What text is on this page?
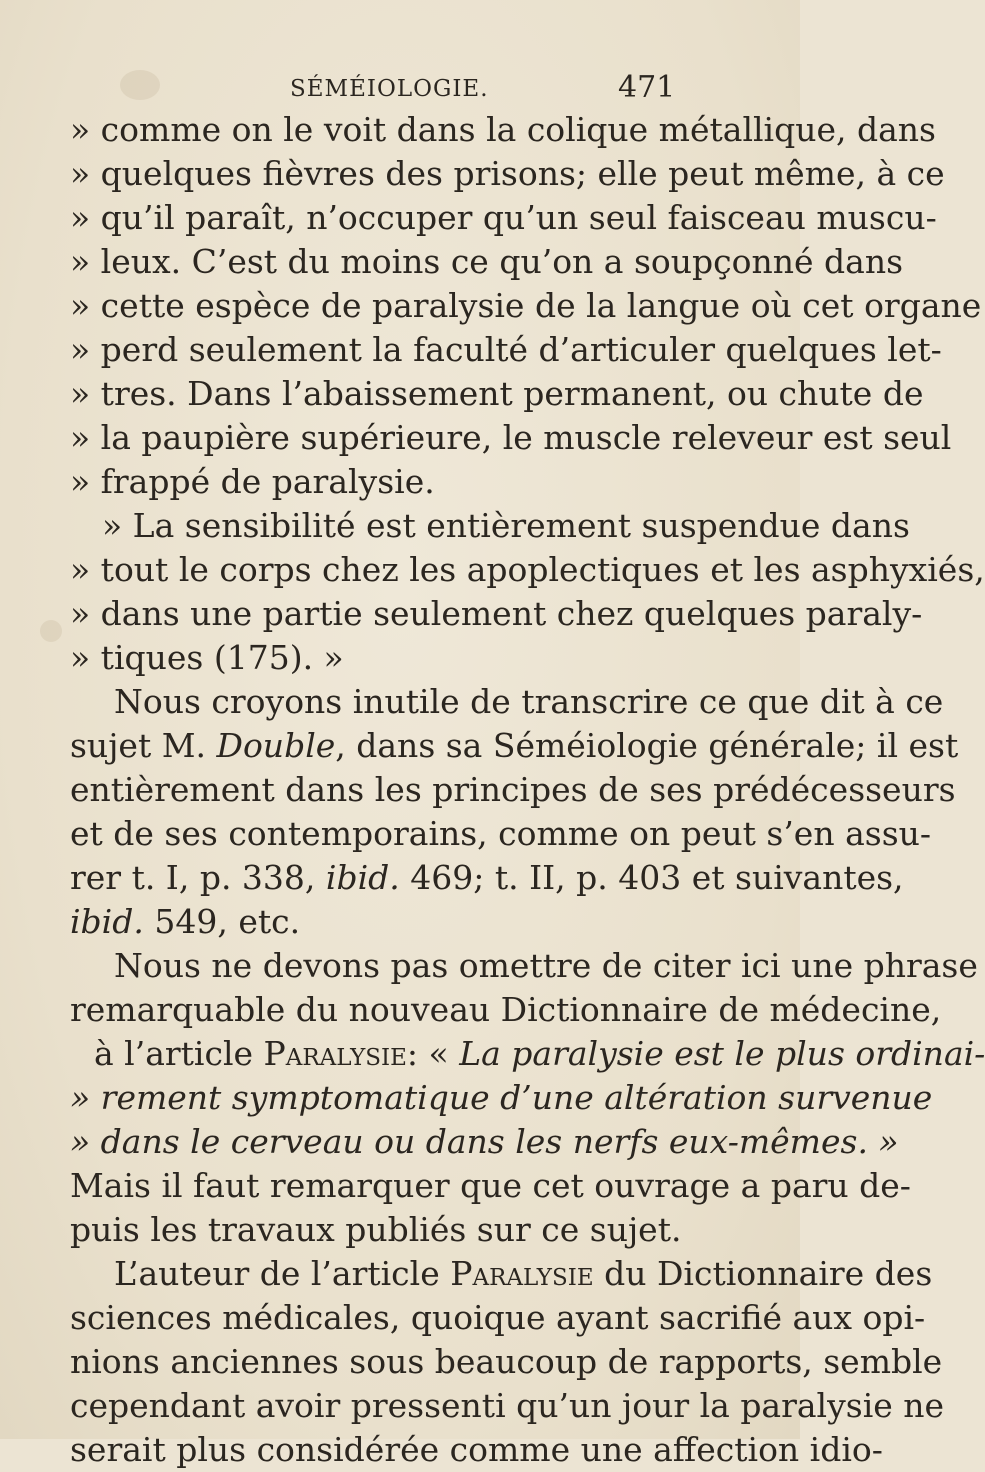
SÉMÉIOLOGIE.	471
» comme on le voit dans la colique métallique, dans
» quelques fièvres des prisons; elle peut même, à ce
» qu’il paraît, n’occuper qu’un seul faisceau muscu-
» leux. C’est du moins ce qu’on a soupçonné dans
» cette espèce de paralysie de la langue où cet organe
» perd seulement la faculté d’articuler quelques let-
» tres. Dans l’abaissement permanent, ou chute de
» la paupière supérieure, le muscle releveur est seul
» frappé de paralysie.
» La sensibilité est entièrement suspendue dans
» tout le corps chez les apoplectiques et les asphyxiés,
» dans une partie seulement chez quelques paraly-
» tiques (175). »
Nous croyons inutile de transcrire ce que dit à ce
sujet M. Double, dans sa Séméiologie générale; il est
entièrement dans les principes de ses prédécesseurs
et de ses contemporains, comme on peut s’en assu-
rer t. I, p. 338, ibid. 469; t. II, p. 403 et suivantes,
ibid. 549, etc.
Nous ne devons pas omettre de citer ici une phrase
remarquable du nouveau Dictionnaire de médecine,
à l’article Paralysie: « La paralysie est le plus ordinai-
» rement symptomatique d’une altération survenue
» dans le cerveau ou dans les nerfs eux-mêmes. »
Mais il faut remarquer que cet ouvrage a paru de-
puis les travaux publiés sur ce sujet.
L’auteur de l’article Paralysie du Dictionnaire des
sciences médicales, quoique ayant sacrifié aux opi-
nions anciennes sous beaucoup de rapports, semble
cependant avoir pressenti qu’un jour la paralysie ne
serait plus considérée comme une affection idio-
